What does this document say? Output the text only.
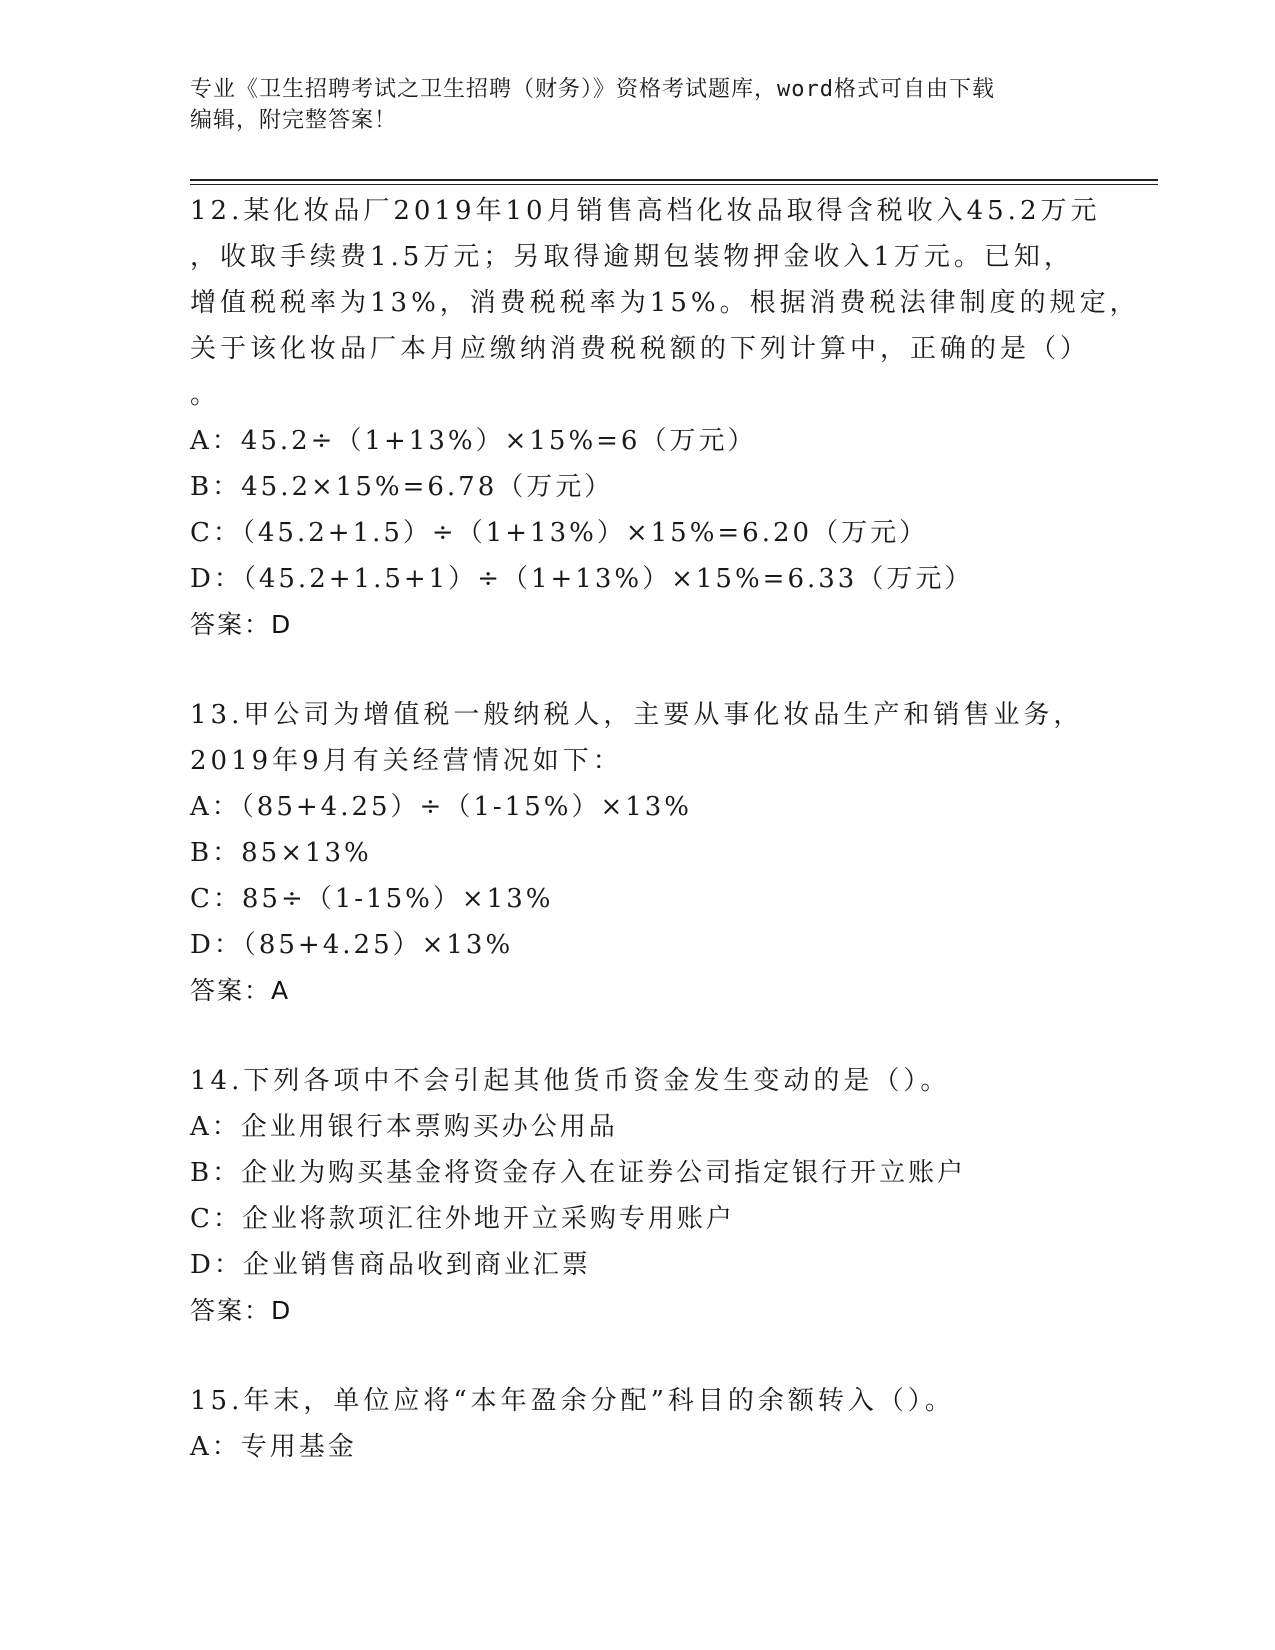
专业《卫生招聘考试之卫生招聘（财务）》资格考试题库，word格式可自由下载
编辑，附完整答案！
12.某化妆品厂2019年10月销售高档化妆品取得含税收入45.2万元
，收取手续费1.5万元；另取得逾期包装物押金收入1万元。已知，
增值税税率为13%，消费税税率为15%。根据消费税法律制度的规定，
关于该化妆品厂本月应缴纳消费税税额的下列计算中，正确的是（）
。
A：45.2÷（1+13%）×15%=6（万元）
B：45.2×15%=6.78（万元）
C：（45.2+1.5）÷（1+13%）×15%=6.20（万元）
D：（45.2+1.5+1）÷（1+13%）×15%=6.33（万元）
答案：D
13.甲公司为增值税一般纳税人，主要从事化妆品生产和销售业务，
2019年9月有关经营情况如下：
A：（85+4.25）÷（1-15%）×13%
B：85×13%
C：85÷（1-15%）×13%
D：（85+4.25）×13%
答案：A
14.下列各项中不会引起其他货币资金发生变动的是（）。
A：企业用银行本票购买办公用品
B：企业为购买基金将资金存入在证券公司指定银行开立账户
C：企业将款项汇往外地开立采购专用账户
D：企业销售商品收到商业汇票
答案：D
15.年末，单位应将“本年盈余分配”科目的余额转入（）。
A：专用基金
